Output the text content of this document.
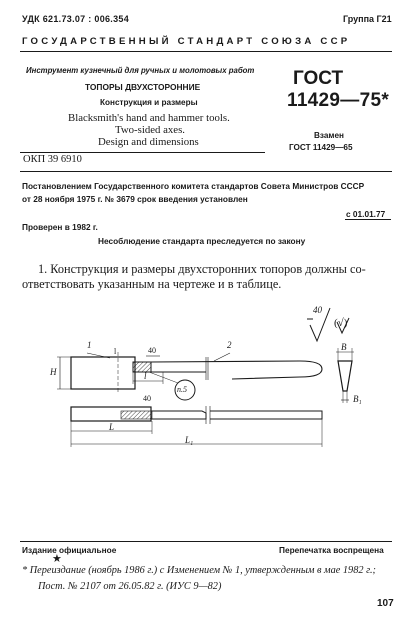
УДК 621.73.07 : 006.354	Группа Г21
ГОСУДАРСТВЕННЫЙ СТАНДАРТ СОЮЗА ССР
Инструмент кузнечный для ручных и молотовых работ
ТОПОРЫ ДВУХСТОРОННИЕ
Конструкция и размеры
Blacksmith's hand and hammer tools.
Two-sided axes.
Design and dimensions
ОКП 39 6910
ГОСТ
11429—75*
Взамен
ГОСТ 11429—65
Постановлением Государственного комитета стандартов Совета Министров СССР
от 28 ноября 1975 г. № 3679 срок введения установлен
с 01.01.77
Проверен в 1982 г.
Несоблюдение стандарта преследуется по закону
1. Конструкция и размеры двухсторонних топоров должны со-
ответствовать указанным на чертеже и в таблице.
40
(√)
1	2
40
l
H	l
n.5
40
L
L₁
B
B₁
Издание официальное
★
Перепечатка воспрещена
* Переиздание (ноябрь 1986 г.) с Изменением № 1, утвержденным в мае 1982 г.;
Пост. № 2107 от 26.05.82 г. (ИУС 9—82)
107
